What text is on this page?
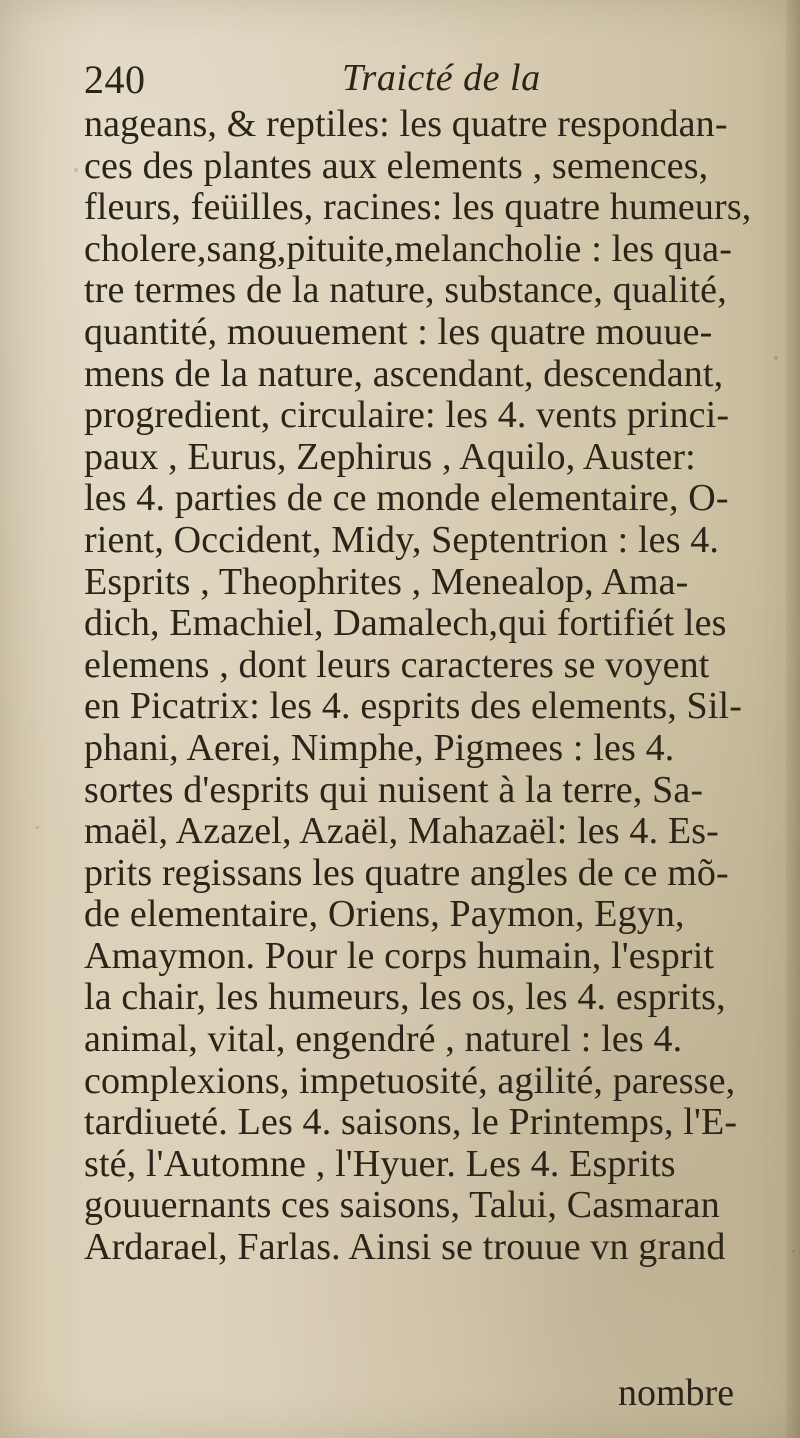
240	Traicté de la
nageans, & reptiles: les quatre respondan-
ces des plantes aux elements , semences,
fleurs, feüilles, racines: les quatre humeurs,
cholere,sang,pituite,melancholie : les qua-
tre termes de la nature, substance, qualité,
quantité, mouuement : les quatre mouue-
mens de la nature, ascendant, descendant,
progredient, circulaire: les 4. vents princi-
paux , Eurus, Zephirus , Aquilo, Auster:
les 4. parties de ce monde elementaire, O-
rient, Occident, Midy, Septentrion : les 4.
Esprits , Theophrites , Menealop, Ama-
dich, Emachiel, Damalech,qui fortifiét les
elemens , dont leurs caracteres se voyent
en Picatrix: les 4. esprits des elements, Sil-
phani, Aerei, Nimphe, Pigmees : les 4.
sortes d'esprits qui nuisent à la terre, Sa-
maël, Azazel, Azaël, Mahazaël: les 4. Es-
prits regissans les quatre angles de ce mõ-
de elementaire, Oriens, Paymon, Egyn,
Amaymon. Pour le corps humain, l'esprit
la chair, les humeurs, les os, les 4. esprits,
animal, vital, engendré , naturel : les 4.
complexions, impetuosité, agilité, paresse,
tardiueté. Les 4. saisons, le Printemps, l'E-
sté, l'Automne , l'Hyuer. Les 4. Esprits
gouuernants ces saisons, Talui, Casmaran
Ardarael, Farlas. Ainsi se trouue vn grand
nombre
